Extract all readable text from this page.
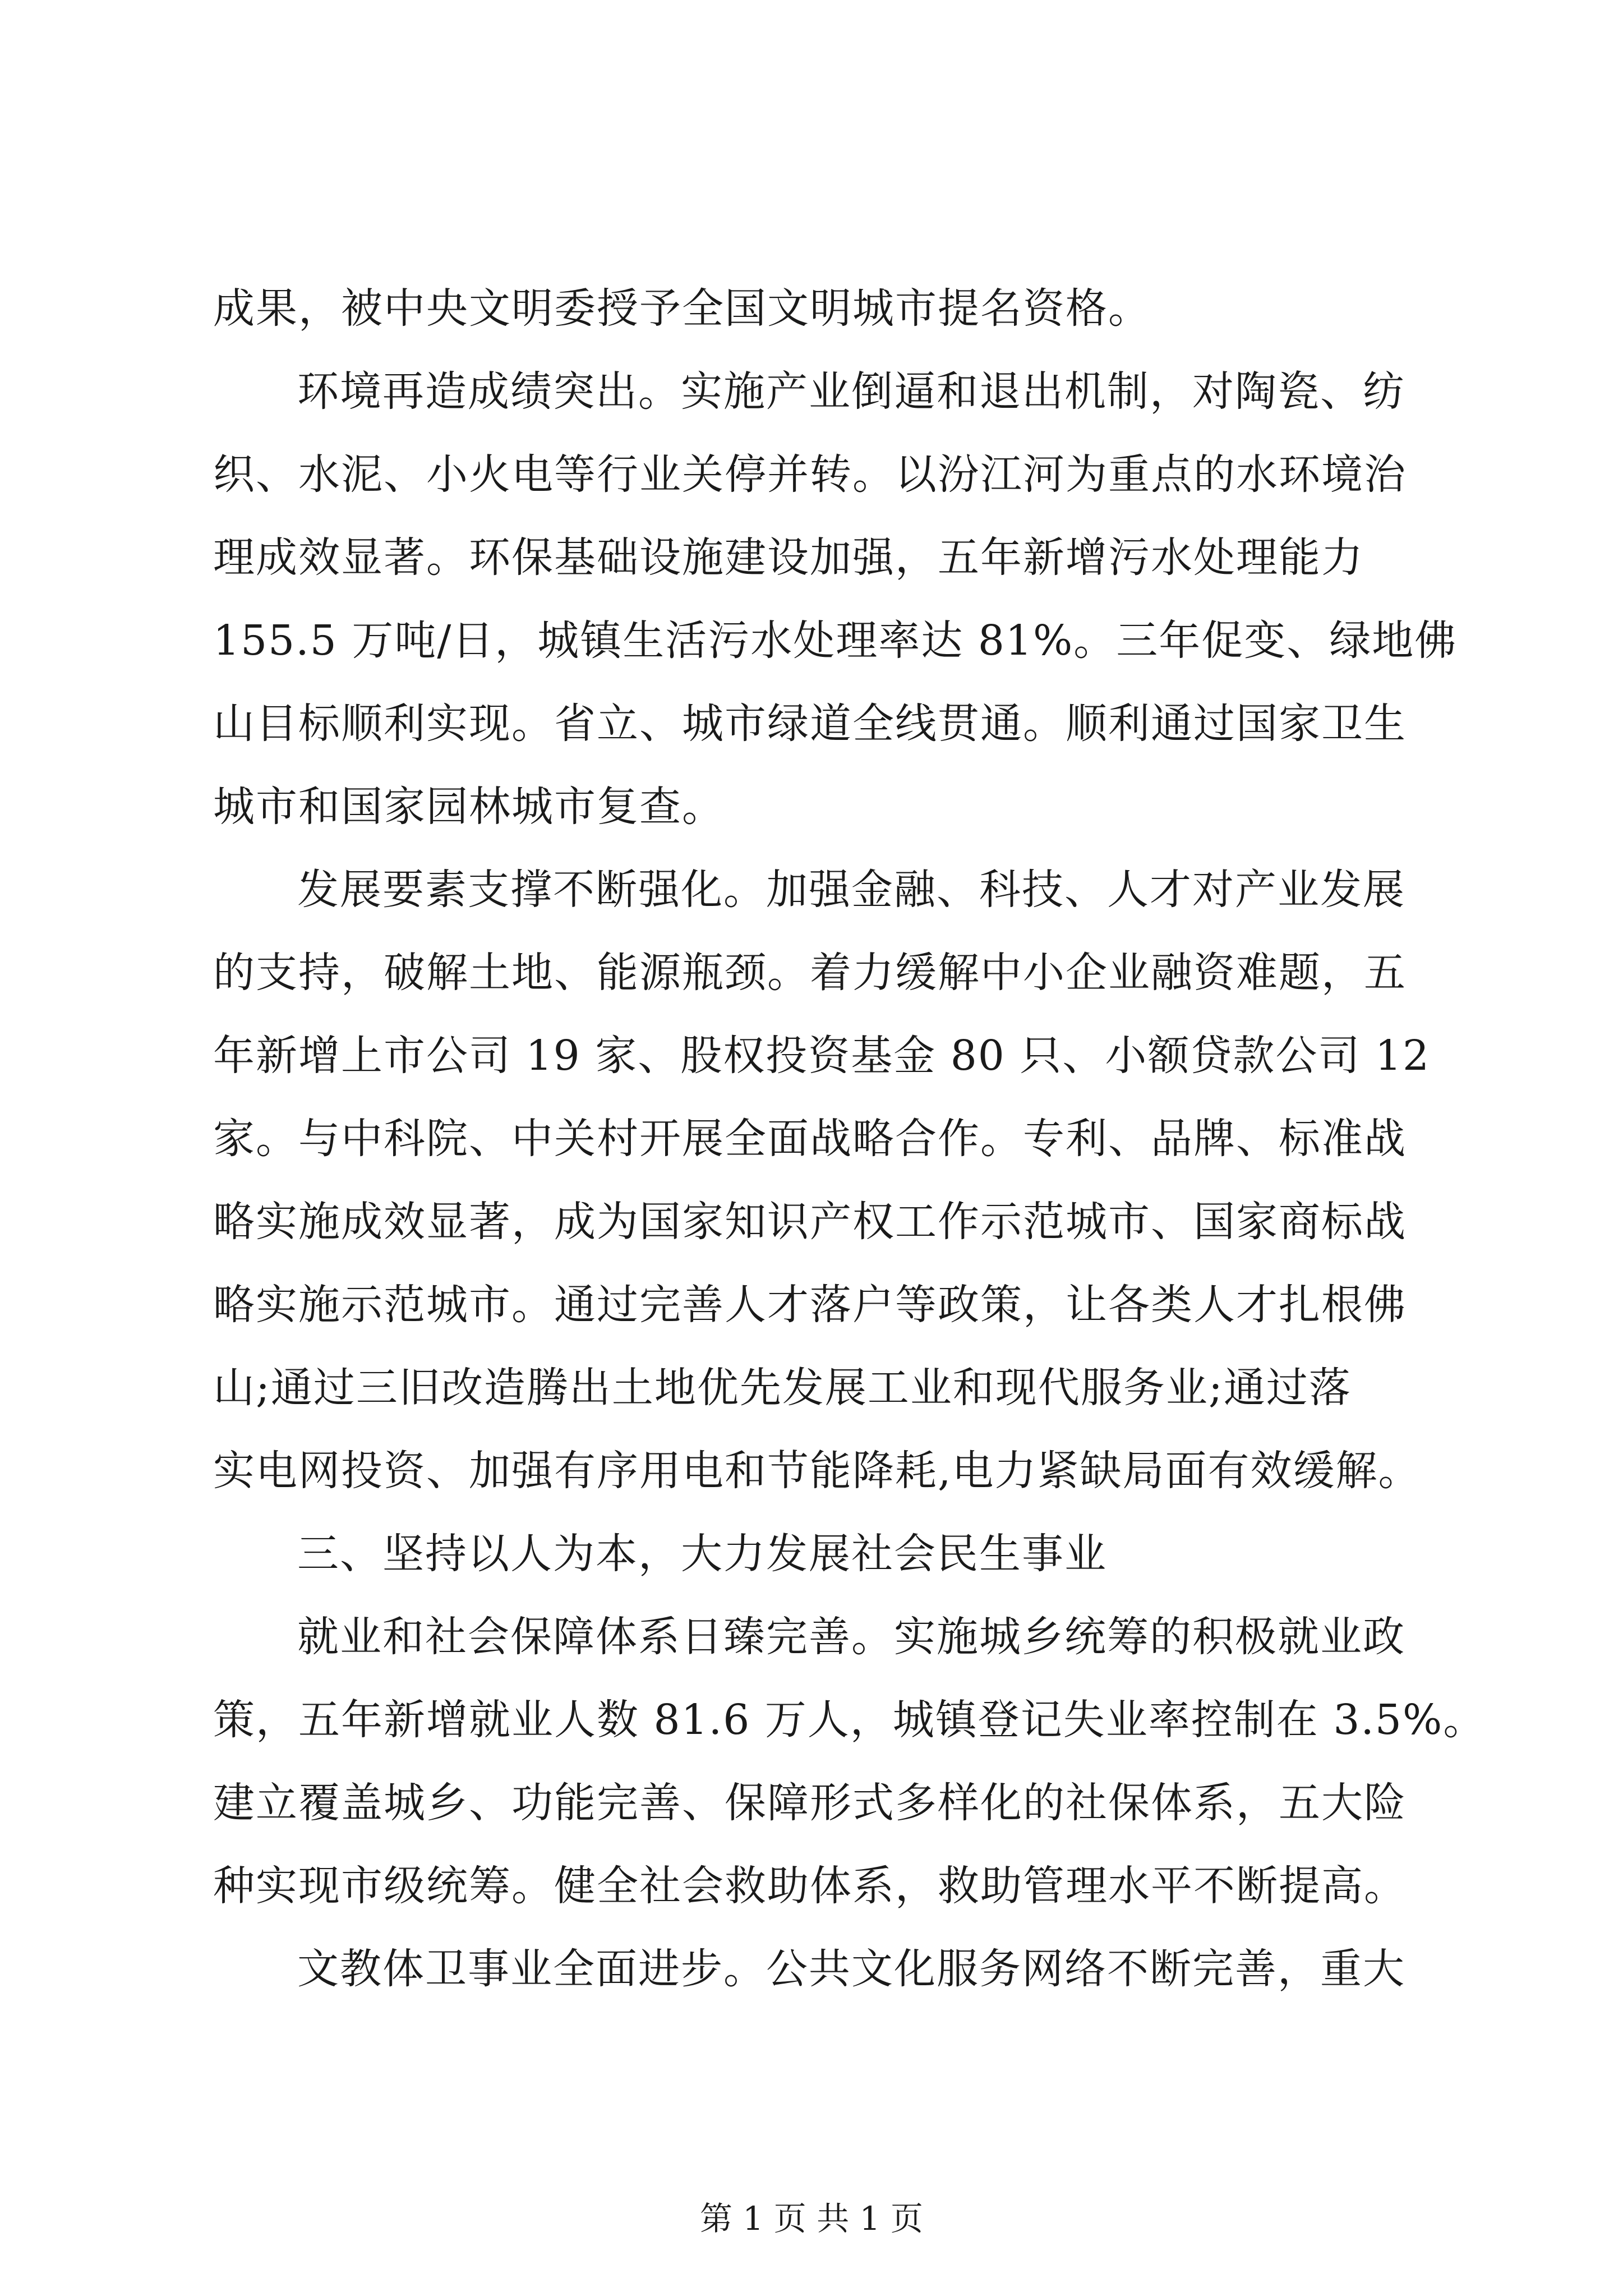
成果，被中央文明委授予全国文明城市提名资格。
环境再造成绩突出。实施产业倒逼和退出机制，对陶瓷、纺
织、水泥、小火电等行业关停并转。以汾江河为重点的水环境治
理成效显著。环保基础设施建设加强，五年新增污水处理能力
155.5 万吨/日，城镇生活污水处理率达 81%。三年促变、绿地佛
山目标顺利实现。省立、城市绿道全线贯通。顺利通过国家卫生
城市和国家园林城市复查。
发展要素支撑不断强化。加强金融、科技、人才对产业发展
的支持，破解土地、能源瓶颈。着力缓解中小企业融资难题，五
年新增上市公司 19 家、股权投资基金 80 只、小额贷款公司 12
家。与中科院、中关村开展全面战略合作。专利、品牌、标准战
略实施成效显著，成为国家知识产权工作示范城市、国家商标战
略实施示范城市。通过完善人才落户等政策，让各类人才扎根佛
山;通过三旧改造腾出土地优先发展工业和现代服务业;通过落
实电网投资、加强有序用电和节能降耗,电力紧缺局面有效缓解。
三、坚持以人为本，大力发展社会民生事业
就业和社会保障体系日臻完善。实施城乡统筹的积极就业政
策，五年新增就业人数 81.6 万人，城镇登记失业率控制在 3.5%。
建立覆盖城乡、功能完善、保障形式多样化的社保体系，五大险
种实现市级统筹。健全社会救助体系，救助管理水平不断提高。
文教体卫事业全面进步。公共文化服务网络不断完善，重大
第 1 页 共 1 页
